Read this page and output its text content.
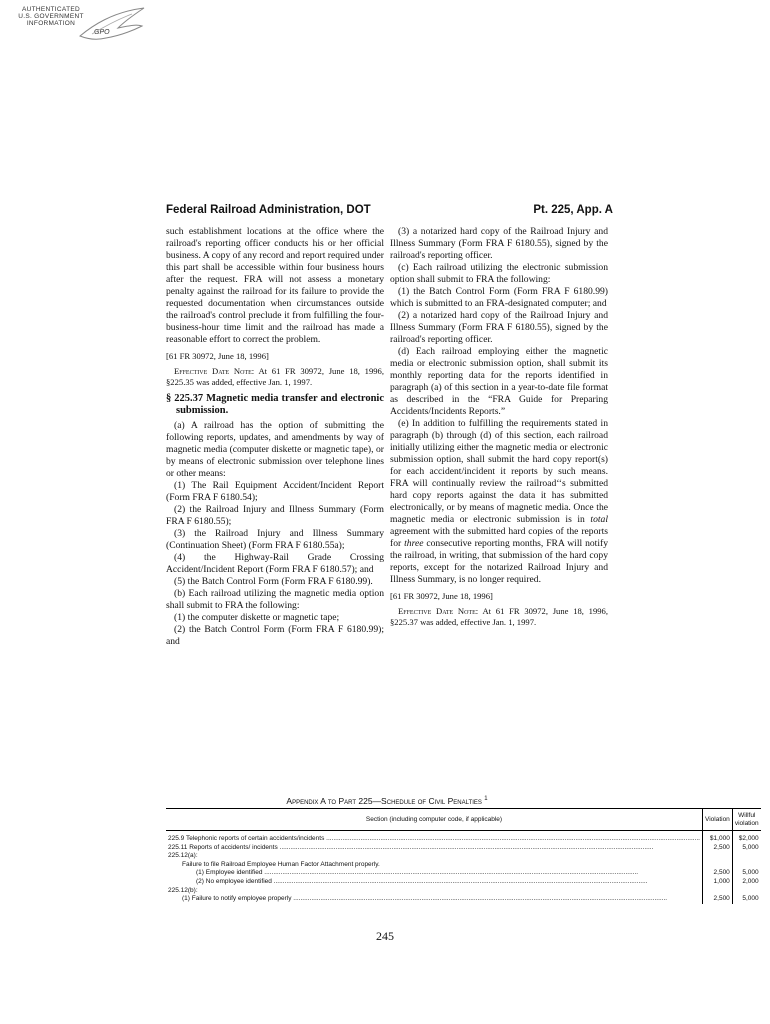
AUTHENTICATED
U.S. GOVERNMENT
INFORMATION
GPO
Federal Railroad Administration, DOT	Pt. 225, App. A

such establishment locations at the office where the railroad's reporting officer conducts his or her official business. A copy of any record and report required under this part shall be accessible within four business hours after the request. FRA will not assess a monetary penalty against the railroad for its failure to provide the requested documentation when circumstances outside the railroad's control preclude it from fulfilling the four-business-hour time limit and the railroad has made a reasonable effort to correct the problem.

[61 FR 30972, June 18, 1996]

Effective Date Note: At 61 FR 30972, June 18, 1996, §225.35 was added, effective Jan. 1, 1997.

§ 225.37 Magnetic media transfer and electronic submission.

(a) A railroad has the option of submitting the following reports, updates, and amendments by way of magnetic media (computer diskette or magnetic tape), or by means of electronic submission over telephone lines or other means:

(1) The Rail Equipment Accident/Incident Report (Form FRA F 6180.54);

(2) the Railroad Injury and Illness Summary (Form FRA F 6180.55);

(3) the Railroad Injury and Illness Summary (Continuation Sheet) (Form FRA F 6180.55a);

(4) the Highway-Rail Grade Crossing Accident/Incident Report (Form FRA F 6180.57); and

(5) the Batch Control Form (Form FRA F 6180.99).

(b) Each railroad utilizing the magnetic media option shall submit to FRA the following:

(1) the computer diskette or magnetic tape;

(2) the Batch Control Form (Form FRA F 6180.99); and

(3) a notarized hard copy of the Railroad Injury and Illness Summary (Form FRA F 6180.55), signed by the railroad's reporting officer.

(c) Each railroad utilizing the electronic submission option shall submit to FRA the following:

(1) the Batch Control Form (Form FRA F 6180.99) which is submitted to an FRA-designated computer; and

(2) a notarized hard copy of the Railroad Injury and Illness Summary (Form FRA F 6180.55), signed by the railroad's reporting officer.

(d) Each railroad employing either the magnetic media or electronic submission option, shall submit its monthly reporting data for the reports identified in paragraph (a) of this section in a year-to-date file format as described in the “FRA Guide for Preparing Accidents/Incidents Reports.”

(e) In addition to fulfilling the requirements stated in paragraph (b) through (d) of this section, each railroad initially utilizing either the magnetic media or electronic submission option, shall submit the hard copy report(s) for each accident/incident it reports by such means. FRA will continually review the railroad‘‘s submitted hard copy reports against the data it has submitted electronically, or by means of magnetic media. Once the magnetic media or electronic submission is in total agreement with the submitted hard copies of the reports for three consecutive reporting months, FRA will notify the railroad, in writing, that submission of the hard copy reports, except for the notarized Railroad Injury and Illness Summary, is no longer required.

[61 FR 30972, June 18, 1996]

Effective Date Note: At 61 FR 30972, June 18, 1996, §225.37 was added, effective Jan. 1, 1997.

Appendix A to Part 225—Schedule of Civil Penalties $^1$
Section (including computer code, if applicable)	Violation	Willful violation

225.9 Telephonic reports of certain accidents/incidents .....	$1,000	$2,000

225.11 Reports of accidents/ incidents .....	2,500	5,000
225.12(a):		
Failure to file Railroad Employee Human Factor Attachment properly.		

(1) Employee identified .....	2,500	5,000

(2) No employee identified .....	1,000	2,000
225.12(b):		

(1) Failure to notify employee properly .....	2,500	5,000
245
